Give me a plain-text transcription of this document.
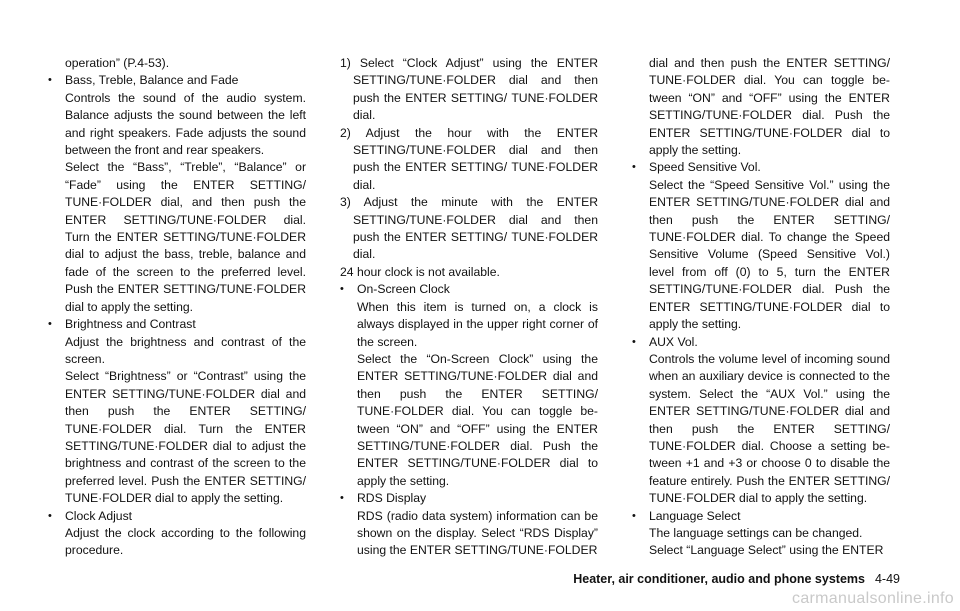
operation” (P.4-53).

• Bass, Treble, Balance and Fade

Controls the sound of the audio system. Balance adjusts the sound between the left and right speakers. Fade adjusts the sound between the front and rear speakers.

Select the “Bass”, “Treble”, “Balance” or “Fade” using the ENTER SETTING/ TUNE·FOLDER dial, and then push the ENTER SETTING/TUNE·FOLDER dial. Turn the ENTER SETTING/TUNE·FOLDER dial to adjust the bass, treble, balance and fade of the screen to the preferred level. Push the ENTER SETTING/TUNE·FOLDER dial to apply the setting.

• Brightness and Contrast

Adjust the brightness and contrast of the screen.

Select “Brightness” or “Contrast” using the ENTER SETTING/TUNE·FOLDER dial and then push the ENTER SETTING/ TUNE·FOLDER dial. Turn the ENTER SETTING/TUNE·FOLDER dial to adjust the brightness and contrast of the screen to the preferred level. Push the ENTER SETTING/ TUNE·FOLDER dial to apply the setting.

• Clock Adjust

Adjust the clock according to the following procedure.

1) Select “Clock Adjust” using the ENTER SETTING/TUNE·FOLDER dial and then push the ENTER SETTING/ TUNE·FOLDER dial.

2) Adjust the hour with the ENTER SETTING/TUNE·FOLDER dial and then push the ENTER SETTING/ TUNE·FOLDER dial.

3) Adjust the minute with the ENTER SETTING/TUNE·FOLDER dial and then push the ENTER SETTING/ TUNE·FOLDER dial.

24 hour clock is not available.

• On-Screen Clock

When this item is turned on, a clock is always displayed in the upper right corner of the screen.

Select the “On-Screen Clock” using the ENTER SETTING/TUNE·FOLDER dial and then push the ENTER SETTING/ TUNE·FOLDER dial. You can toggle be- tween “ON” and “OFF” using the ENTER SETTING/TUNE·FOLDER dial. Push the ENTER SETTING/TUNE·FOLDER dial to apply the setting.

• RDS Display

RDS (radio data system) information can be shown on the display. Select “RDS Display” using the ENTER SETTING/TUNE·FOLDER

dial and then push the ENTER SETTING/ TUNE·FOLDER dial. You can toggle be- tween “ON” and “OFF” using the ENTER SETTING/TUNE·FOLDER dial. Push the ENTER SETTING/TUNE·FOLDER dial to apply the setting.

• Speed Sensitive Vol.

Select the “Speed Sensitive Vol.” using the ENTER SETTING/TUNE·FOLDER dial and then push the ENTER SETTING/ TUNE·FOLDER dial. To change the Speed Sensitive Volume (Speed Sensitive Vol.) level from off (0) to 5, turn the ENTER SETTING/TUNE·FOLDER dial. Push the ENTER SETTING/TUNE·FOLDER dial to apply the setting.

• AUX Vol.

Controls the volume level of incoming sound when an auxiliary device is connected to the system. Select the “AUX Vol.” using the ENTER SETTING/TUNE·FOLDER dial and then push the ENTER SETTING/ TUNE·FOLDER dial. Choose a setting be- tween +1 and +3 or choose 0 to disable the feature entirely. Push the ENTER SETTING/ TUNE·FOLDER dial to apply the setting.

• Language Select

The language settings can be changed.

Select “Language Select” using the ENTER

Heater, air conditioner, audio and phone systems 4-49
carmanualsonline.info
